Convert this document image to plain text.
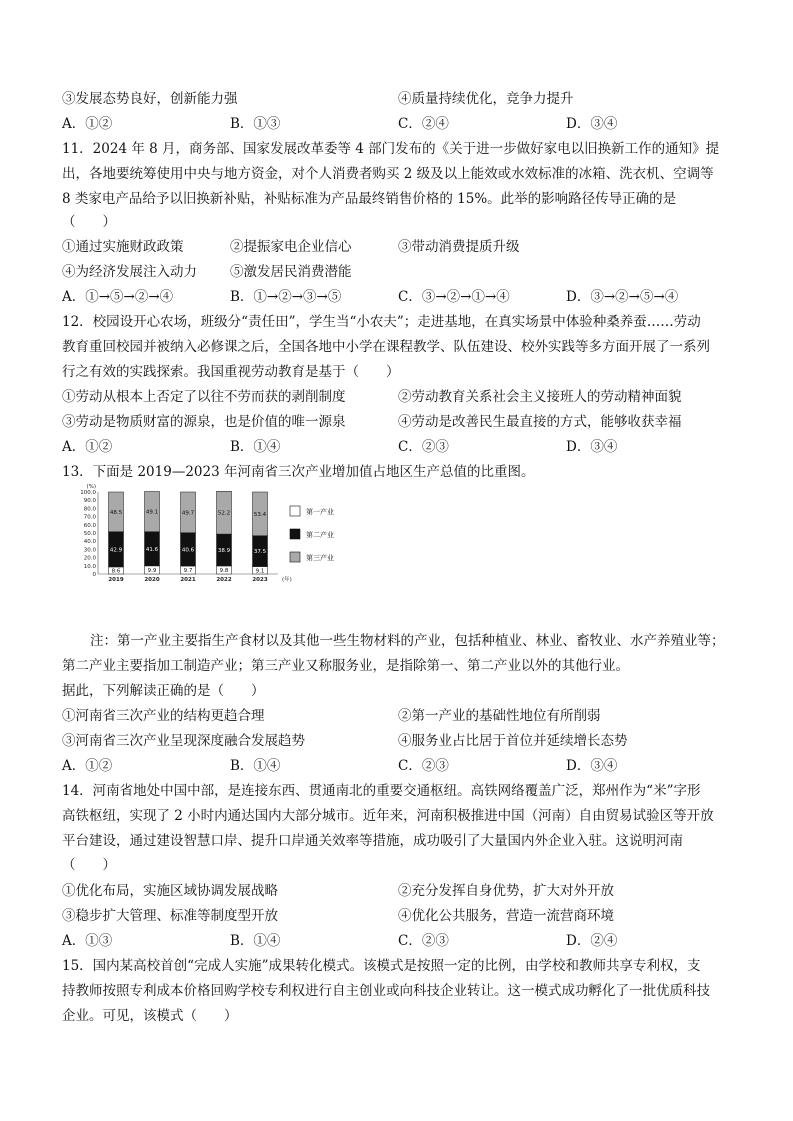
③发展态势良好，创新能力强	④质量持续优化，竞争力提升
A．①②	B．①③	C．②④	D．③④
11．2024 年 8 月，商务部、国家发展改革委等 4 部门发布的《关于进一步做好家电以旧换新工作的通知》提
出，各地要统筹使用中央与地方资金，对个人消费者购买 2 级及以上能效或水效标准的冰箱、洗衣机、空调等
8 类家电产品给予以旧换新补贴，补贴标准为产品最终销售价格的 15%。此举的影响路径传导正确的是
（　　）
①通过实施财政政策	②提振家电企业信心	③带动消费提质升级
④为经济发展注入动力 ⑤激发居民消费潜能
A．①→⑤→②→④	B．①→②→③→⑤	C．③→②→①→④	D．③→②→⑤→④
12．校园设开心农场，班级分“责任田”，学生当“小农夫”；走进基地，在真实场景中体验种桑养蚕……劳动
教育重回校园并被纳入必修课之后，全国各地中小学在课程教学、队伍建设、校外实践等多方面开展了一系列
行之有效的实践探索。我国重视劳动教育是基于（　　）
①劳动从根本上否定了以往不劳而获的剥削制度	②劳动教育关系社会主义接班人的劳动精神面貌
③劳动是物质财富的源泉，也是价值的唯一源泉	④劳动是改善民生最直接的方式，能够收获幸福
A．①②	B．①④	C．②③	D．③④
13．下面是 2019—2023 年河南省三次产业增加值占地区生产总值的比重图。
(%)
0
10.0
20.0
30.0
40.0
50.0
60.0
70.0
80.0
90.0
100.0
8.6
42.9
48.5
2019
9.9
41.6
49.1
2020
9.7
40.6
49.7
2021
9.8
38.9
52.2
2022
9.1
37.5
53.4
2023	(年)
第一产业
第二产业
第三产业
注：第一产业主要指生产食材以及其他一些生物材料的产业，包括种植业、林业、畜牧业、水产养殖业等；
第二产业主要指加工制造产业；第三产业又称服务业，是指除第一、第二产业以外的其他行业。
据此，下列解读正确的是（　　）
①河南省三次产业的结构更趋合理	②第一产业的基础性地位有所削弱
③河南省三次产业呈现深度融合发展趋势	④服务业占比居于首位并延续增长态势
A．①②	B．①④	C．②③	D．③④
14．河南省地处中国中部，是连接东西、贯通南北的重要交通枢纽。高铁网络覆盖广泛，郑州作为“米”字形
高铁枢纽，实现了 2 小时内通达国内大部分城市。近年来，河南积极推进中国（河南）自由贸易试验区等开放
平台建设，通过建设智慧口岸、提升口岸通关效率等措施，成功吸引了大量国内外企业入驻。这说明河南
（　　）
①优化布局，实施区域协调发展战略	②充分发挥自身优势，扩大对外开放
③稳步扩大管理、标准等制度型开放	④优化公共服务，营造一流营商环境
A．①③	B．①④	C．②③	D．②④
15．国内某高校首创“完成人实施”成果转化模式。该模式是按照一定的比例，由学校和教师共享专利权，支
持教师按照专利成本价格回购学校专利权进行自主创业或向科技企业转让。这一模式成功孵化了一批优质科技
企业。可见，该模式（　　）
